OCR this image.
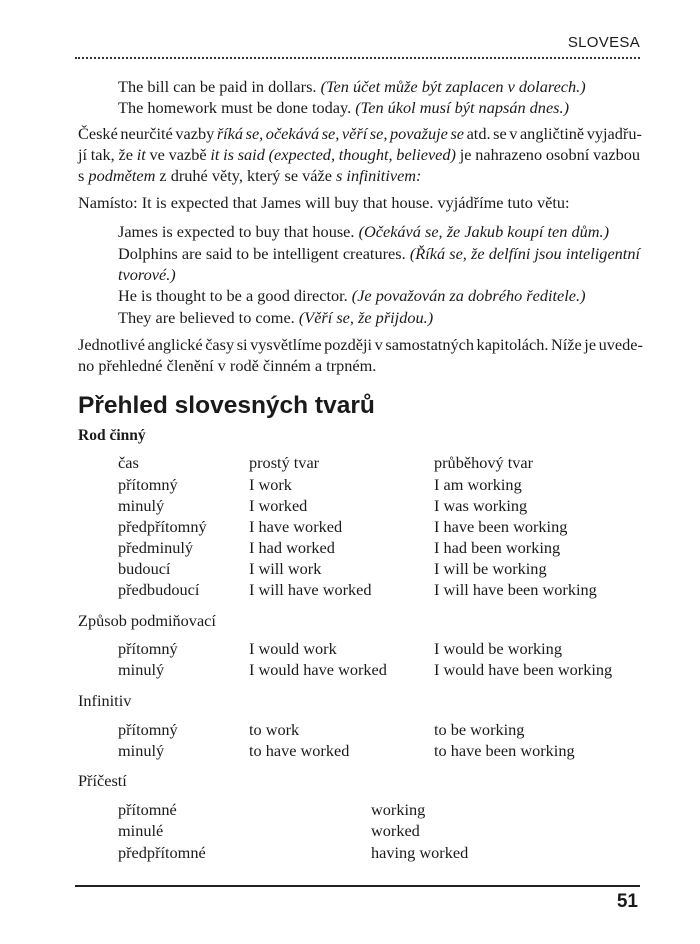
SLOVESA
The bill can be paid in dollars. (Ten účet může být zaplacen v dolarech.)
The homework must be done today. (Ten úkol musí být napsán dnes.)
České neurčité vazby říká se, očekává se, věří se, považuje se atd. se v angličtině vyjadřu-
jí tak, že it ve vazbě it is said (expected, thought, believed) je nahrazeno osobní vazbou
s podmětem z druhé věty, který se váže s infinitivem:
Namísto: It is expected that James will buy that house. vyjádříme tuto větu:
James is expected to buy that house. (Očekává se, že Jakub koupí ten dům.)
Dolphins are said to be intelligent creatures. (Říká se, že delfíni jsou inteligentní
tvorové.)
He is thought to be a good director. (Je považován za dobrého ředitele.)
They are believed to come. (Věří se, že přijdou.)
Jednotlivé anglické časy si vysvětlíme později v samostatných kapitolách. Níže je uvede-
no přehledné členění v rodě činném a trpném.
Přehled slovesných tvarů
Rod činný
čas	prostý tvar	průběhový tvar
přítomný	I work	I am working
minulý	I worked	I was working
předpřítomný	I have worked	I have been working
předminulý	I had worked	I had been working
budoucí	I will work	I will be working
předbudoucí	I will have worked	I will have been working
Způsob podmiňovací
přítomný	I would work	I would be working
minulý	I would have worked	I would have been working
Infinitiv
přítomný	to work	to be working
minulý	to have worked	to have been working
Příčestí
přítomné	working
minulé	worked
předpřítomné	having worked
51
